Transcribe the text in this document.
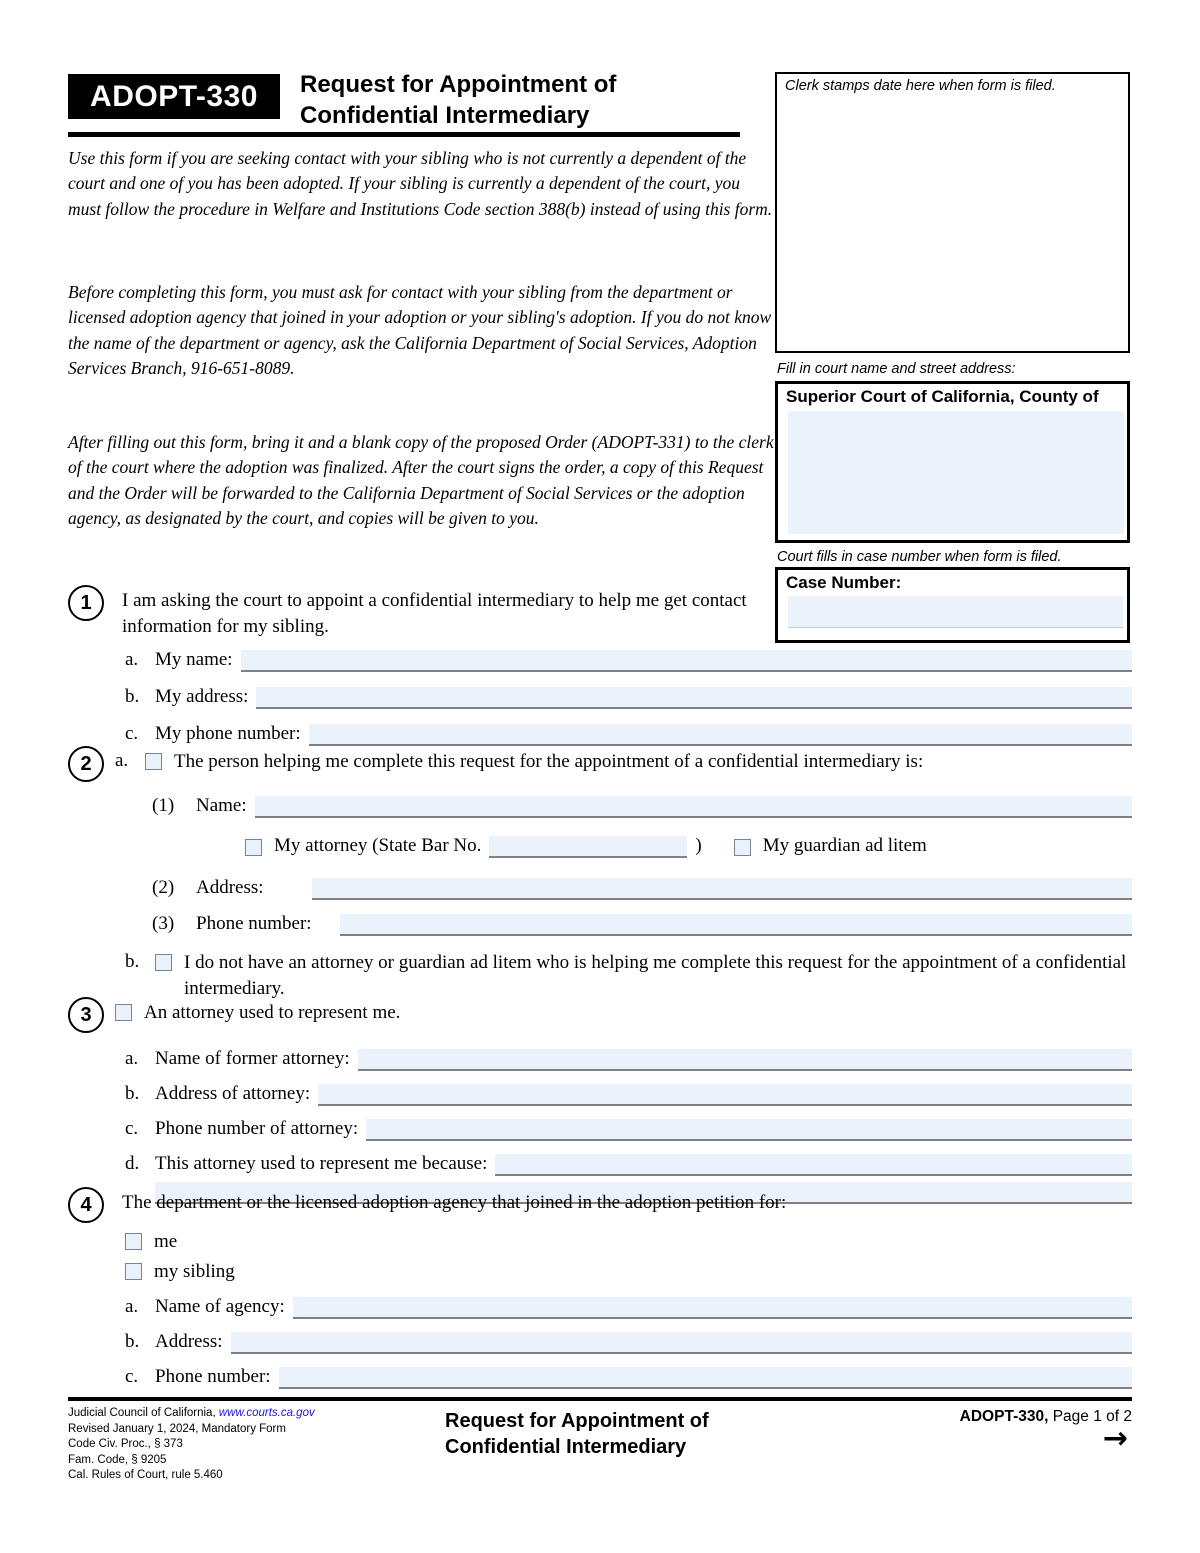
ADOPT-330	Request for Appointment of
Confidential Intermediary
Use this form if you are seeking contact with your sibling who is not currently a dependent of the court and one of you has been adopted. If your sibling is currently a dependent of the court, you must follow the procedure in Welfare and Institutions Code section 388(b) instead of using this form.
Before completing this form, you must ask for contact with your sibling from the department or licensed adoption agency that joined in your adoption or your sibling's adoption. If you do not know the name of the department or agency, ask the California Department of Social Services, Adoption Services Branch, 916-651-8089.
After filling out this form, bring it and a blank copy of the proposed Order (ADOPT-331) to the clerk of the court where the adoption was finalized. After the court signs the order, a copy of this Request and the Order will be forwarded to the California Department of Social Services or the adoption agency, as designated by the court, and copies will be given to you.
Clerk stamps date here when form is filed.
Fill in court name and street address:
Superior Court of California, County of
Court fills in case number when form is filed.
Case Number:
1	I am asking the court to appoint a confidential intermediary to help me get contact information for my sibling.
a. My name:
b. My address:
c. My phone number:
2	a.	The person helping me complete this request for the appointment of a confidential intermediary is:
(1)	Name:
My attorney (State Bar No.	)	My guardian ad litem
(2)	Address:
(3)	Phone number:
b.	I do not have an attorney or guardian ad litem who is helping me complete this request for the appointment of a confidential intermediary.
3	An attorney used to represent me.
a. Name of former attorney:
b. Address of attorney:
c. Phone number of attorney:
d. This attorney used to represent me because:
4	The department or the licensed adoption agency that joined in the adoption petition for:
me
my sibling
a. Name of agency:
b. Address:
c. Phone number:
Judicial Council of California, www.courts.ca.gov
Revised January 1, 2024, Mandatory Form
Code Civ. Proc., § 373
Fam. Code, § 9205
Cal. Rules of Court, rule 5.460
Request for Appointment of
Confidential Intermediary
ADOPT-330, Page 1 of 2
→
